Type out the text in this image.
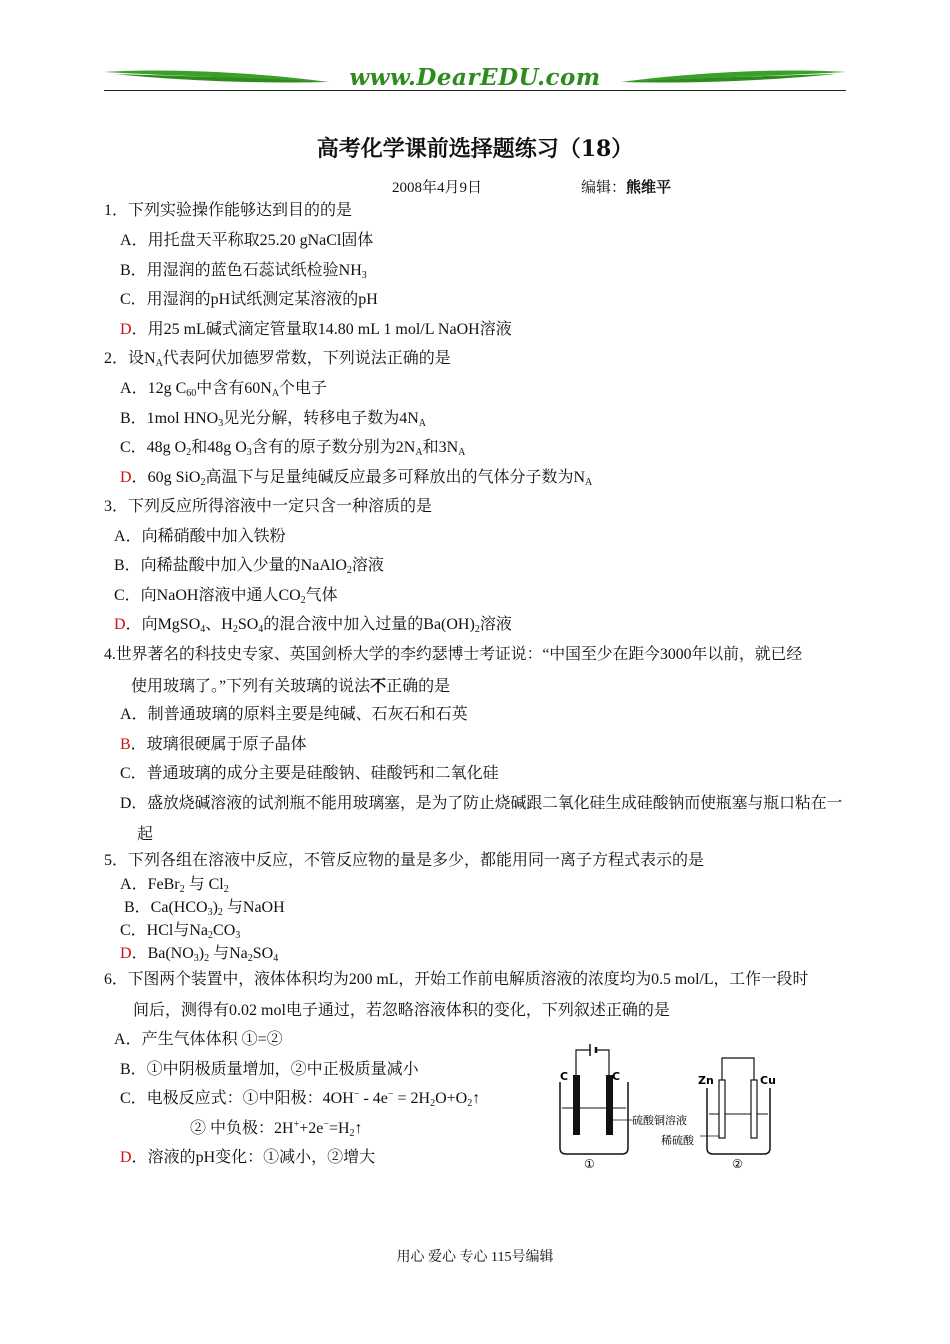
www.DearEDU.com
高考化学课前选择题练习（18）
2008年4月9日	编辑：熊维平
1．下列实验操作能够达到目的的是
A．用托盘天平称取25.20 gNaCl固体
B．用湿润的蓝色石蕊试纸检验$NH_3$
C．用湿润的pH试纸测定某溶液的pH
D．用25 mL碱式滴定管量取14.80 mL 1 mol/L NaOH溶液
2．设$N_A$代表阿伏加德罗常数，下列说法正确的是
A．12g $C_{60}$中含有$60N_A$个电子
B．1mol $HNO_3$见光分解，转移电子数为$4N_A$
C．48g $O_2$和48g $O_3$含有的原子数分别为$2N_A$和$3N_A$
D．60g SiO$_2$高温下与足量纯碱反应最多可释放出的气体分子数为$N_A$
3．下列反应所得溶液中一定只含一种溶质的是
A．向稀硝酸中加入铁粉
B．向稀盐酸中加入少量的NaAlO$_2$溶液
C．向NaOH溶液中通人$CO_2$气体
D．向MgSO$_4$、$H_2SO_4$的混合液中加入过量的$Ba(OH)_2$溶液
4.世界著名的科技史专家、英国剑桥大学的李约瑟博士考证说：“中国至少在距今3000年以前，就已经
使用玻璃了。”下列有关玻璃的说法不正确的是
A．制普通玻璃的原料主要是纯碱、石灰石和石英
B．玻璃很硬属于原子晶体
C．普通玻璃的成分主要是硅酸钠、硅酸钙和二氧化硅
D．盛放烧碱溶液的试剂瓶不能用玻璃塞，是为了防止烧碱跟二氧化硅生成硅酸钠而使瓶塞与瓶口粘在一
起
5．下列各组在溶液中反应，不管反应物的量是多少，都能用同一离子方程式表示的是
A．FeBr$_2$ 与 $Cl_2$
B．$Ca(HCO_3)_2$ 与NaOH
C．HCl与$Na_2CO_3$
D．$Ba(NO_3)_2$ 与$Na_2SO_4$
6．下图两个装置中，液体体积均为200 mL，开始工作前电解质溶液的浓度均为0.5 mol/L，工作一段时
间后，测得有0.02 mol电子通过，若忽略溶液体积的变化，下列叙述正确的是
A．产生气体体积 ①=②
B．①中阴极质量增加，②中正极质量减小
C．电极反应式：①中阳极：$4OH^- - 4e^- = 2H_2O+O_2↑$
② 中负极：$2H^++2e^-=H_2↑$
D．溶液的pH变化：①减小，②增大
C	C
硫酸铜溶液
①
Zn	Cu
稀硫酸
②
用心 爱心 专心 115号编辑
